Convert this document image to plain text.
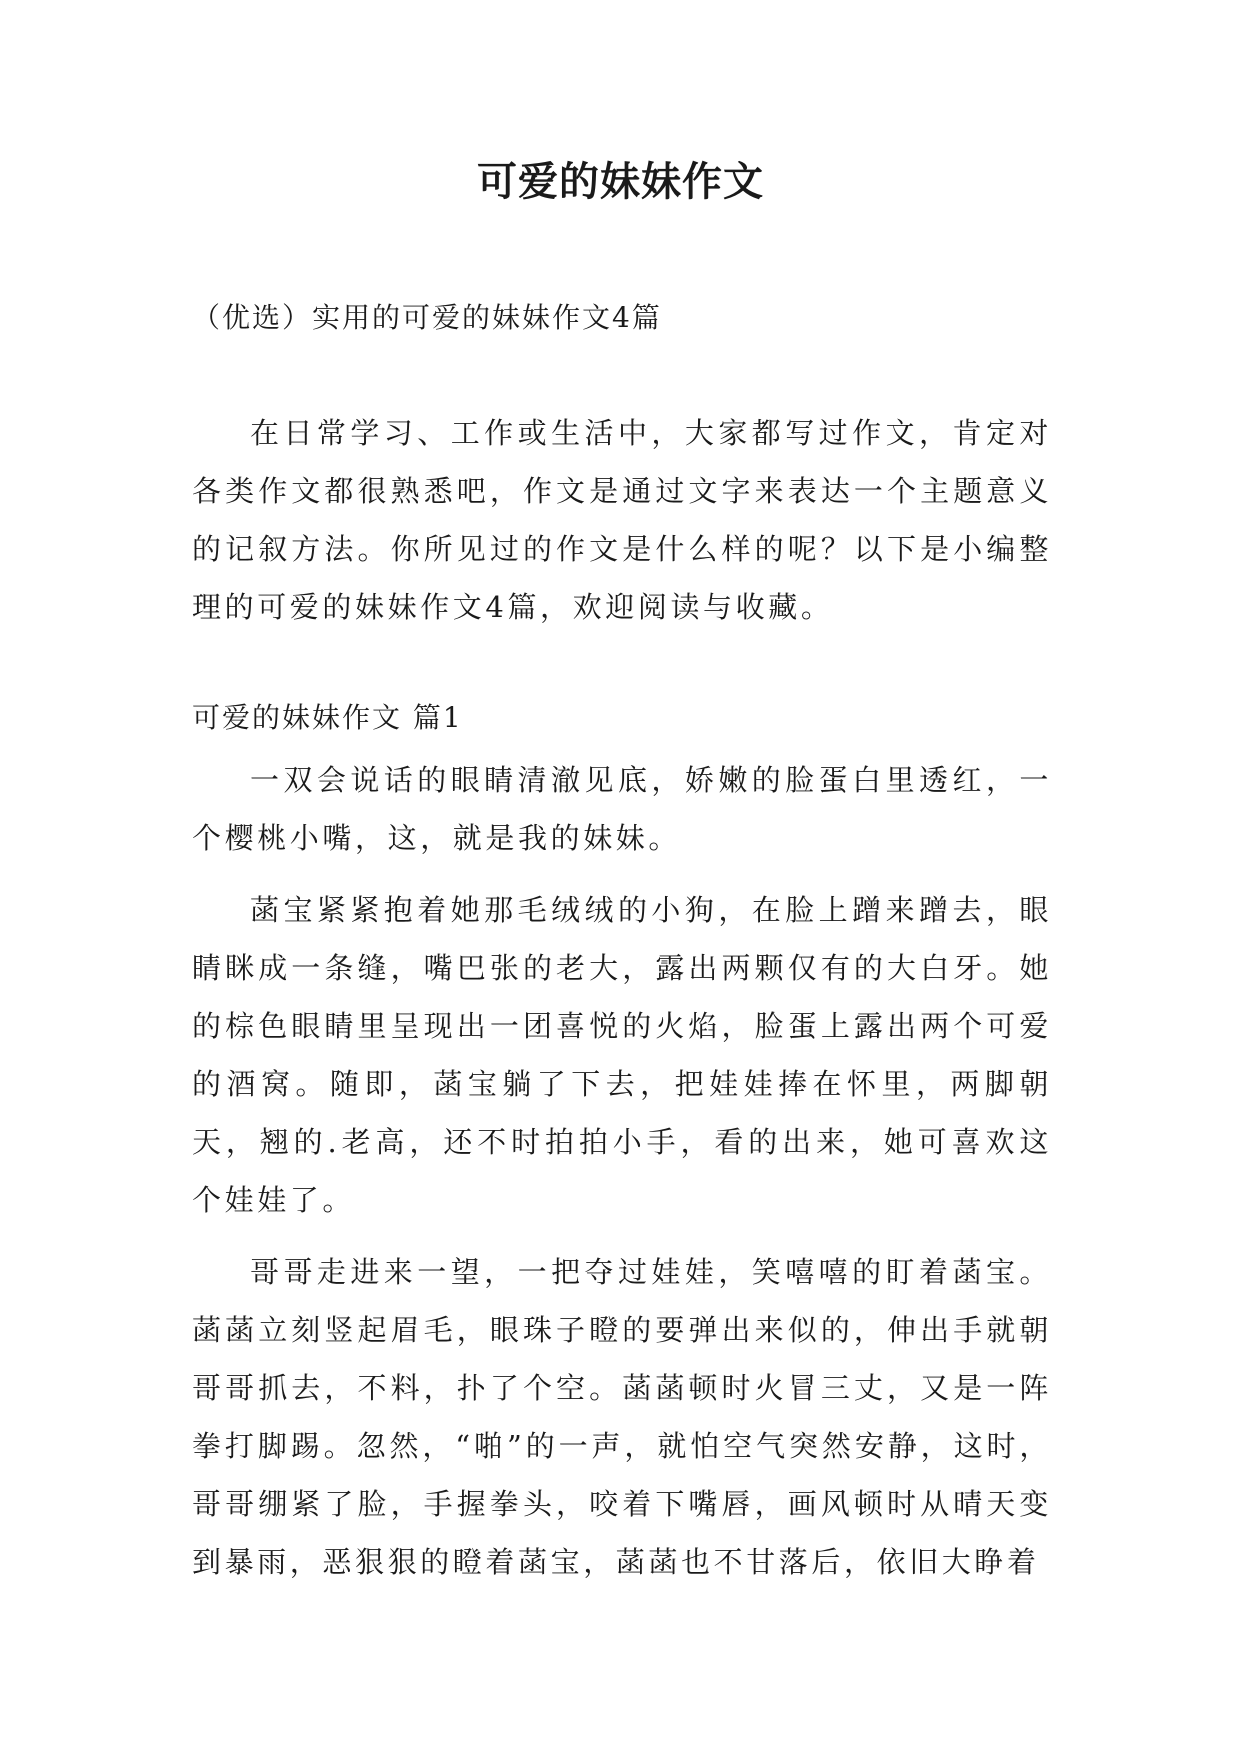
可爱的妹妹作文
（优选）实用的可爱的妹妹作文4篇

在日常学习、工作或生活中，大家都写过作文，肯定对各类作文都很熟悉吧，作文是通过文字来表达一个主题意义的记叙方法。你所见过的作文是什么样的呢？以下是小编整理的可爱的妹妹作文4篇，欢迎阅读与收藏。

可爱的妹妹作文 篇1

一双会说话的眼睛清澈见底，娇嫩的脸蛋白里透红，一个樱桃小嘴，这，就是我的妹妹。

菡宝紧紧抱着她那毛绒绒的小狗，在脸上蹭来蹭去，眼睛眯成一条缝，嘴巴张的老大，露出两颗仅有的大白牙。她的棕色眼睛里呈现出一团喜悦的火焰，脸蛋上露出两个可爱的酒窝。随即，菡宝躺了下去，把娃娃捧在怀里，两脚朝天，翘的.老高，还不时拍拍小手，看的出来，她可喜欢这个娃娃了。

哥哥走进来一望，一把夺过娃娃，笑嘻嘻的盯着菡宝。菡菡立刻竖起眉毛，眼珠子瞪的要弹出来似的，伸出手就朝哥哥抓去，不料，扑了个空。菡菡顿时火冒三丈，又是一阵拳打脚踢。忽然，“啪”的一声，就怕空气突然安静，这时，哥哥绷紧了脸，手握拳头，咬着下嘴唇，画风顿时从晴天变到暴雨，恶狠狠的瞪着菡宝，菡菡也不甘落后，依旧大睁着
